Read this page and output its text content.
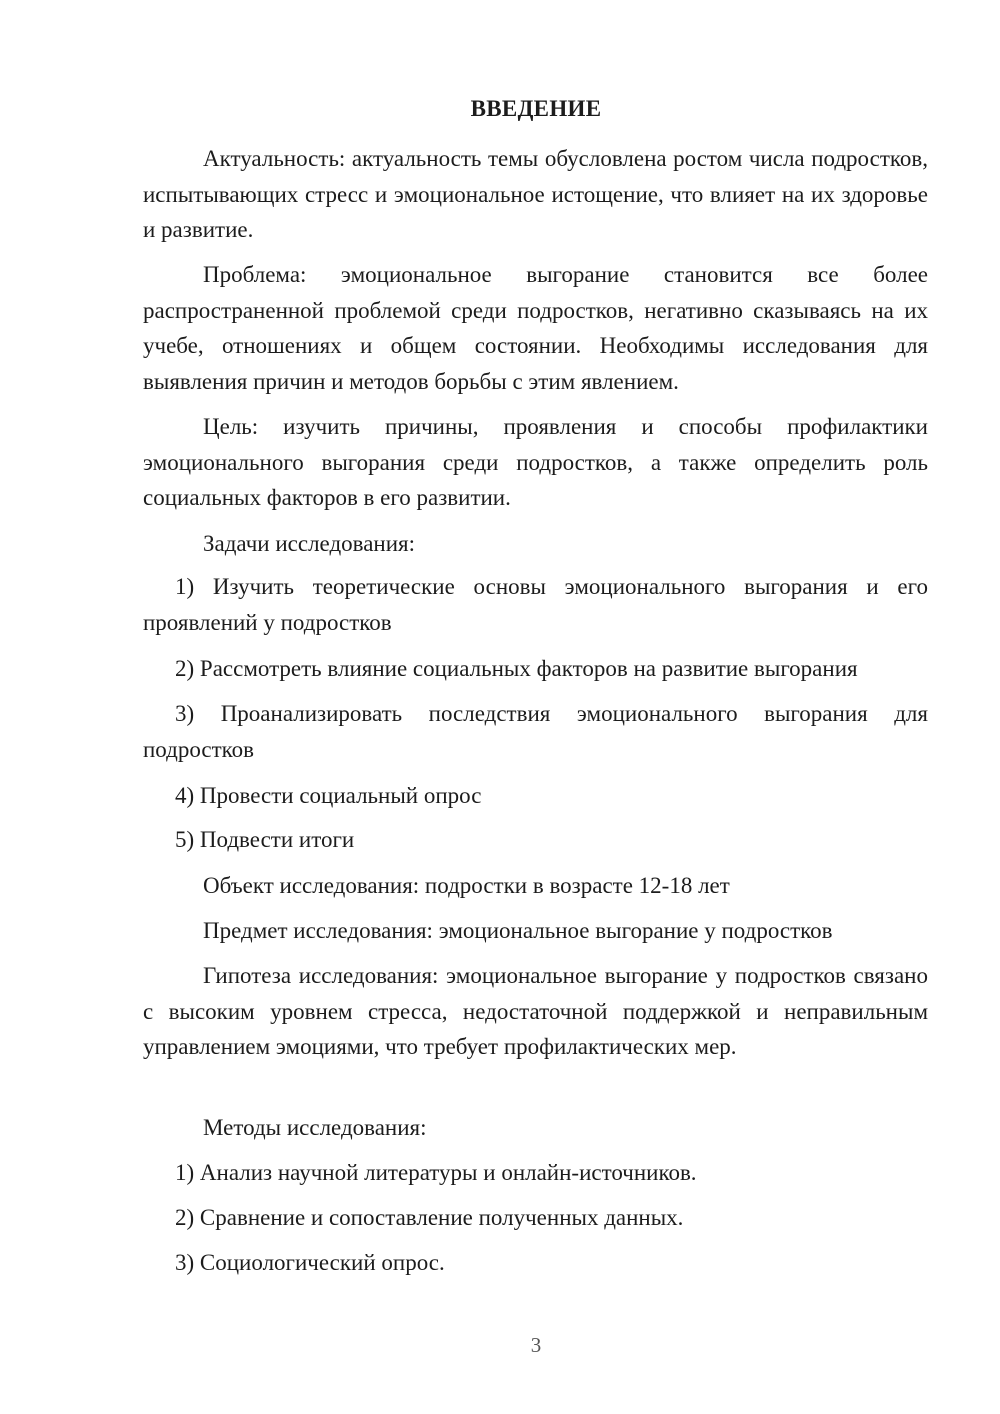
ВВЕДЕНИЕ
Актуальность: актуальность темы обусловлена ростом числа подростков, испытывающих стресс и эмоциональное истощение, что влияет на их здоровье и развитие.
Проблема: эмоциональное выгорание становится все более распространенной проблемой среди подростков, негативно сказываясь на их учебе, отношениях и общем состоянии. Необходимы исследования для выявления причин и методов борьбы с этим явлением.
Цель: изучить причины, проявления и способы профилактики эмоционального выгорания среди подростков, а также определить роль социальных факторов в его развитии.
Задачи исследования:
1) Изучить теоретические основы эмоционального выгорания и его проявлений у подростков
2) Рассмотреть влияние социальных факторов на развитие выгорания
3) Проанализировать последствия эмоционального выгорания для подростков
4) Провести социальный опрос
5) Подвести итоги
Объект исследования: подростки в возрасте 12-18 лет
Предмет исследования: эмоциональное выгорание у подростков
Гипотеза исследования: эмоциональное выгорание у подростков связано с высоким уровнем стресса, недостаточной поддержкой и неправильным управлением эмоциями, что требует профилактических мер.
Методы исследования:
1) Анализ научной литературы и онлайн-источников.
2) Сравнение и сопоставление полученных данных.
3) Социологический опрос.
3
